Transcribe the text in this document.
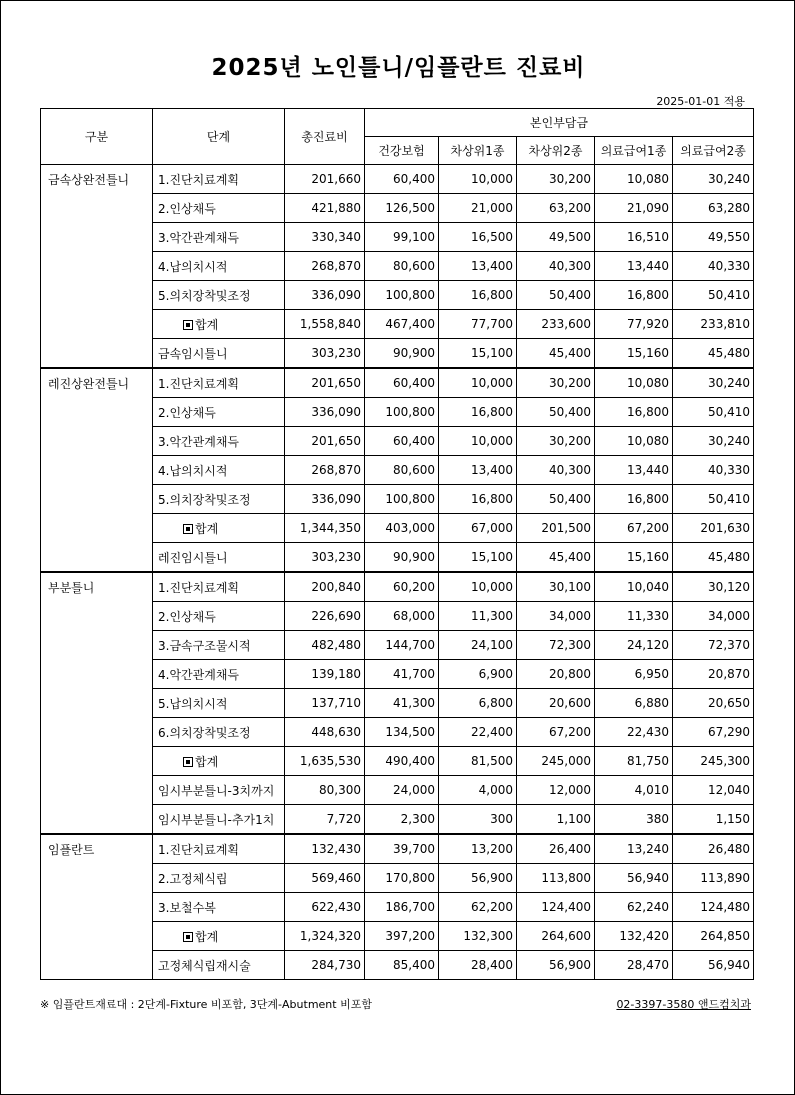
2025년 노인틀니/임플란트 진료비
2025-01-01 적용
구분	단계	총진료비	본인부담금				
			건강보험	차상위1종	차상위2종	의료급여1종	의료급여2종
금속상완전틀니	1.진단치료계획	201,660	60,400	10,000	30,200	10,080	30,240
	2.인상채득	421,880	126,500	21,000	63,200	21,090	63,280
	3.악간관계채득	330,340	99,100	16,500	49,500	16,510	49,550
	4.납의치시적	268,870	80,600	13,400	40,300	13,440	40,330
	5.의치장착및조정	336,090	100,800	16,800	50,400	16,800	50,410
	합계	1,558,840	467,400	77,700	233,600	77,920	233,810
	금속임시틀니	303,230	90,900	15,100	45,400	15,160	45,480
레진상완전틀니	1.진단치료계획	201,650	60,400	10,000	30,200	10,080	30,240
	2.인상채득	336,090	100,800	16,800	50,400	16,800	50,410
	3.악간관계채득	201,650	60,400	10,000	30,200	10,080	30,240
	4.납의치시적	268,870	80,600	13,400	40,300	13,440	40,330
	5.의치장착및조정	336,090	100,800	16,800	50,400	16,800	50,410
	합계	1,344,350	403,000	67,000	201,500	67,200	201,630
	레진임시틀니	303,230	90,900	15,100	45,400	15,160	45,480
부분틀니	1.진단치료계획	200,840	60,200	10,000	30,100	10,040	30,120
	2.인상채득	226,690	68,000	11,300	34,000	11,330	34,000
	3.금속구조물시적	482,480	144,700	24,100	72,300	24,120	72,370
	4.악간관계채득	139,180	41,700	6,900	20,800	6,950	20,870
	5.납의치시적	137,710	41,300	6,800	20,600	6,880	20,650
	6.의치장착및조정	448,630	134,500	22,400	67,200	22,430	67,290
	합계	1,635,530	490,400	81,500	245,000	81,750	245,300
	임시부분틀니-3치까지	80,300	24,000	4,000	12,000	4,010	12,040
	임시부분틀니-추가1치	7,720	2,300	300	1,100	380	1,150
임플란트	1.진단치료계획	132,430	39,700	13,200	26,400	13,240	26,480
	2.고정체식립	569,460	170,800	56,900	113,800	56,940	113,890
	3.보철수복	622,430	186,700	62,200	124,400	62,240	124,480
	합계	1,324,320	397,200	132,300	264,600	132,420	264,850
	고정체식립재시술	284,730	85,400	28,400	56,900	28,470	56,940
※ 임플란트재료대 : 2단계-Fixture 비포함, 3단계-Abutment 비포함	02-3397-3580 앤드컴치과
